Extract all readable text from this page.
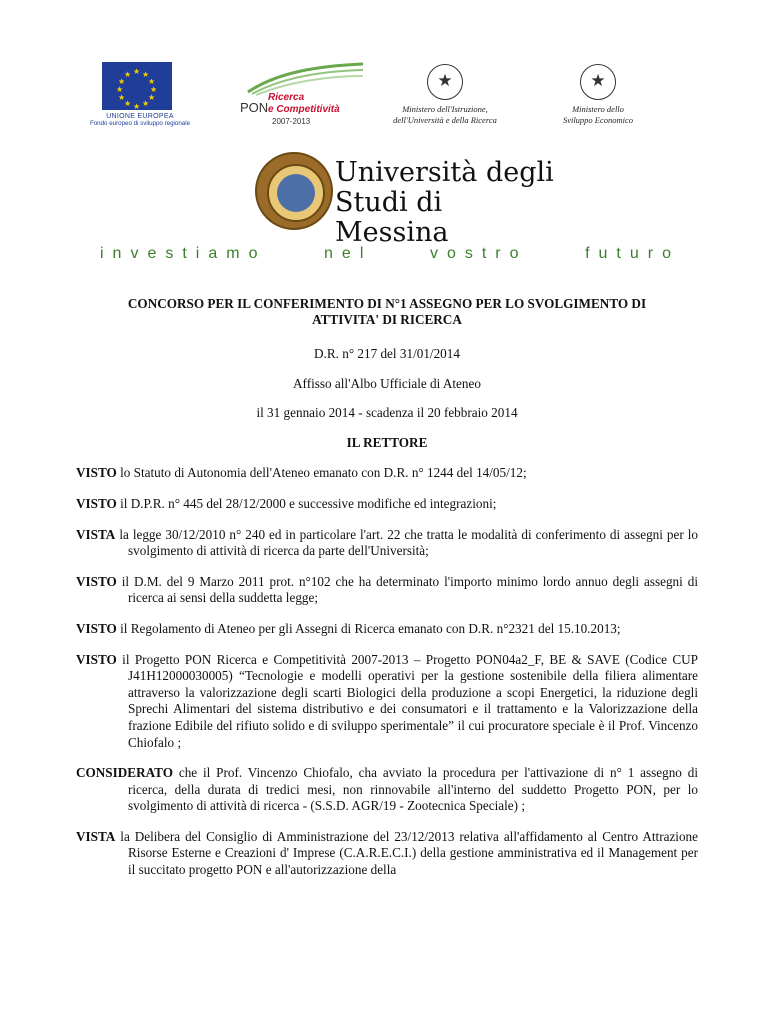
★ ★
★
★
★
★
★
★
★
★
★
★
UNIONE EUROPEA
Fondo europeo di sviluppo regionale
PON
Ricerca
e Competitività
2007-2013
★
Ministero dell'Istruzione,
dell'Università e della Ricerca
★
Ministero dello
Sviluppo Economico
Università degli
Studi di Messina
investiamo	nel	vostro	futuro

CONCORSO PER IL CONFERIMENTO DI N°1 ASSEGNO PER LO SVOLGIMENTO DI ATTIVITA' DI RICERCA

D.R. n° 217 del 31/01/2014

Affisso all'Albo Ufficiale di Ateneo

il 31 gennaio 2014 - scadenza il 20 febbraio 2014

IL RETTORE

VISTO lo Statuto di Autonomia dell'Ateneo emanato con D.R. n° 1244 del 14/05/12;

VISTO il D.P.R. n° 445 del 28/12/2000 e successive modifiche ed integrazioni;

VISTA la legge 30/12/2010 n° 240 ed in particolare l'art. 22 che tratta le modalità di conferimento di assegni per lo svolgimento di attività di ricerca da parte dell'Università;

VISTO il D.M. del 9 Marzo 2011 prot. n°102 che ha determinato l'importo minimo lordo annuo degli assegni di ricerca ai sensi della suddetta legge;

VISTO il Regolamento di Ateneo per gli Assegni di Ricerca emanato con D.R. n°2321 del 15.10.2013;

VISTO il Progetto PON Ricerca e Competitività 2007-2013 – Progetto PON04a2_F, BE & SAVE (Codice CUP J41H12000030005) “Tecnologie e modelli operativi per la gestione sostenibile della filiera alimentare attraverso la valorizzazione degli scarti Biologici della produzione a scopi Energetici, la riduzione degli Sprechi Alimentari del sistema distributivo e dei consumatori e il trattamento e la Valorizzazione della frazione Edibile del rifiuto solido e di sviluppo sperimentale” il cui procuratore speciale è il Prof. Vincenzo Chiofalo ;

CONSIDERATO che il Prof. Vincenzo Chiofalo, cha avviato la procedura per l'attivazione di n° 1 assegno di ricerca, della durata di tredici mesi, non rinnovabile all'interno del suddetto Progetto PON, per lo svolgimento di attività di ricerca - (S.S.D. AGR/19 - Zootecnica Speciale) ;

VISTA la Delibera del Consiglio di Amministrazione del 23/12/2013 relativa all'affidamento al Centro Attrazione Risorse Esterne e Creazioni d' Imprese (C.A.R.E.C.I.) della gestione amministrativa ed il Management per il succitato progetto PON e all'autorizzazione della
